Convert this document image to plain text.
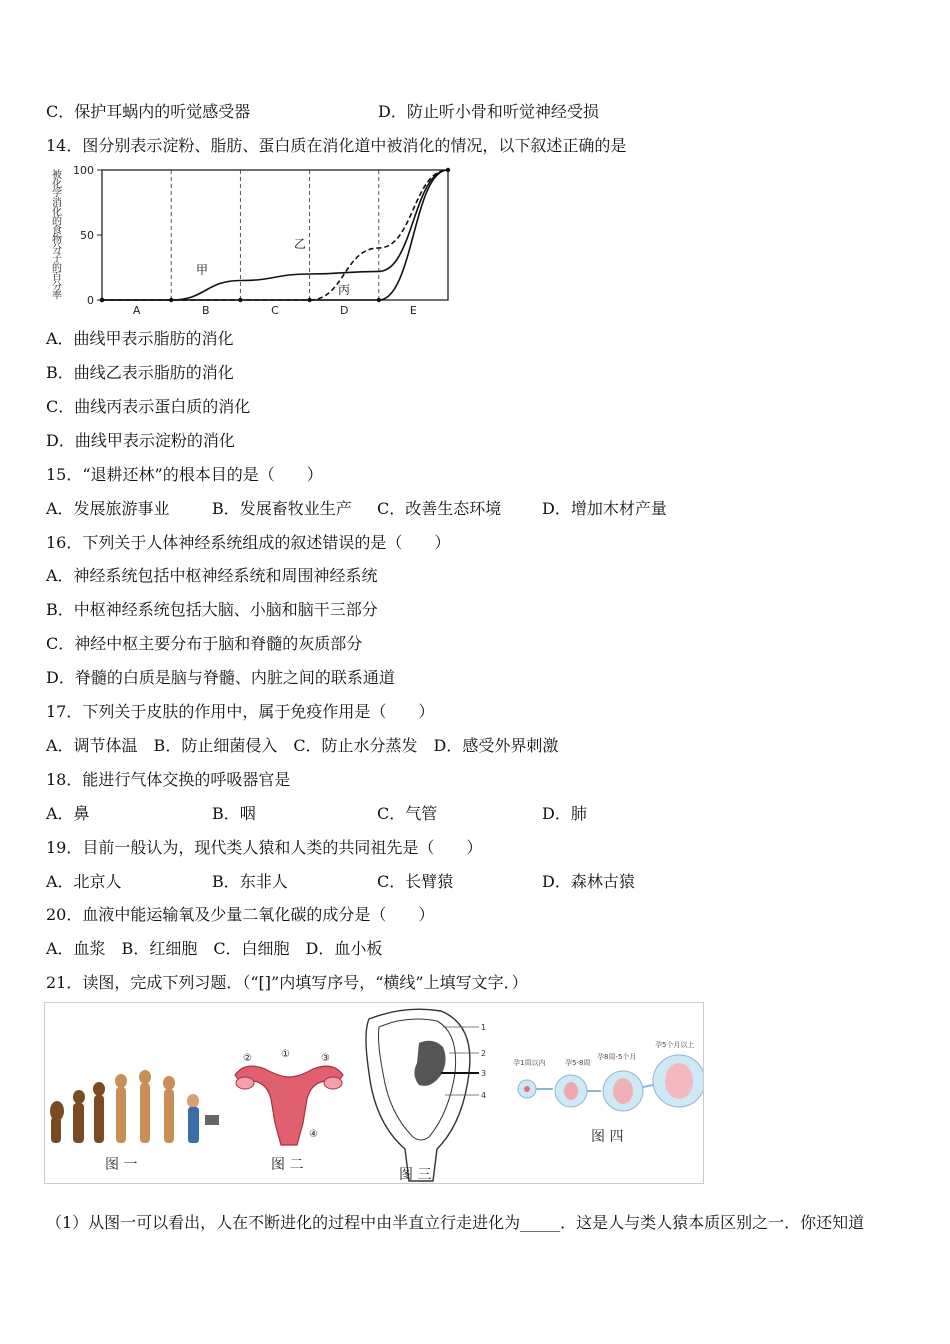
C．保护耳蜗内的听觉感受器	D．防止听小骨和听觉神经受损
14．图分别表示淀粉、脂肪、蛋白质在消化道中被消化的情况，以下叙述正确的是
被
化
学
消
化
的
食
物
分
子
的
百
分
率 0
50
100
A	B	C	D	E
甲
乙
丙
A．曲线甲表示脂肪的消化
B．曲线乙表示脂肪的消化
C．曲线丙表示蛋白质的消化
D．曲线甲表示淀粉的消化
15．“退耕还林”的根本目的是（　　）
A．发展旅游事业	B．发展畜牧业生产 C．改善生态环境	D．增加木材产量
16．下列关于人体神经系统组成的叙述错误的是（　　）
A．神经系统包括中枢神经系统和周围神经系统
B．中枢神经系统包括大脑、小脑和脑干三部分
C．神经中枢主要分布于脑和脊髓的灰质部分
D．脊髓的白质是脑与脊髓、内脏之间的联系通道
17．下列关于皮肤的作用中，属于免疫作用是（　　）
A．调节体温　B．防止细菌侵入　C．防止水分蒸发　D．感受外界刺激
18．能进行气体交换的呼吸器官是
A．鼻	B．咽	C．气管	D．肺
19．目前一般认为，现代类人猿和人类的共同祖先是（　　）
A．北京人	B．东非人	C．长臂猿	D．森林古猿
20．血液中能运输氧及少量二氧化碳的成分是（　　）
A．血浆　B．红细胞　C．白细胞　D．血小板
21．读图，完成下列习题．（“[]”内填写序号，“横线”上填写文字．）
图 一
①
②	③
④
图 二
1
2
3
4
图 三
孕1周以内	孕5-8周
孕8周-5个月
孕5个月以上
图 四
（1）从图一可以看出，人在不断进化的过程中由半直立行走进化为_____．这是人与类人猿本质区别之一．你还知道
